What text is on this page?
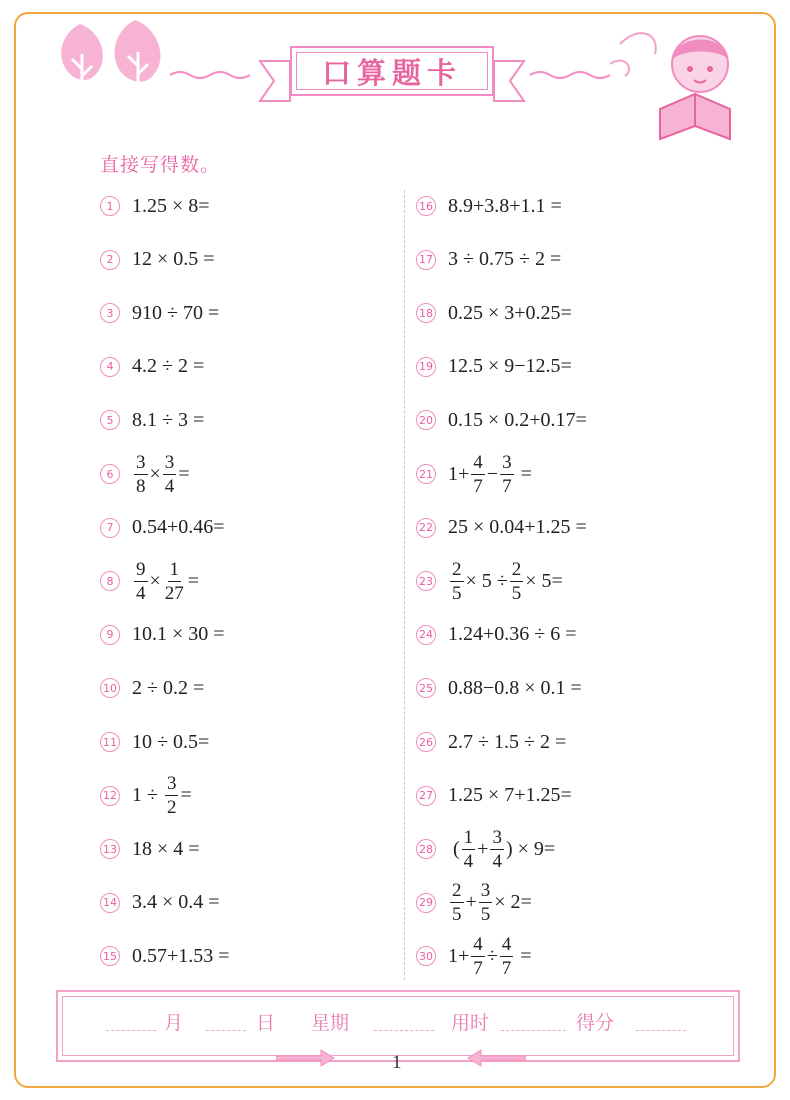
口算题卡
直接写得数。
1 1.25 × 8=
2 12 × 0.5 =
3 910 ÷ 70 =
4 4.2 ÷ 2 =
5 8.1 ÷ 3 =
6	$\frac{3}{8} \times \frac{3}{4}$ =
7 0.54+0.46=
8	$\frac{9}{4} \times \frac{1}{27}$ =
9 10.1 × 30 =
10 2 ÷ 0.2 =
11 10 ÷ 0.5=
12 $1 \div \frac{3}{2}$ =
13 18 × 4 =
14 3.4 × 0.4 =
15 0.57+1.53 =
16 8.9+3.8+1.1 =
17 3 ÷ 0.75 ÷ 2 =
18 0.25 × 3+0.25=
19 12.5 × 9−12.5=
20 0.15 × 0.2+0.17=
21 $1+ \frac{4}{7} - \frac{3}{7}$ =
22 25 × 0.04+1.25 =
$23 \frac{2}{5} \times 5 \div \frac{2}{5} \times 5=$
24 1.24+0.36 ÷ 6 =
25 0.88−0.8 × 0.1 =
26 2.7 ÷ 1.5 ÷ 2 =
27 1.25 × 7+1.25=
28 ( $\frac{1}{4} + \frac{3}{4}$ ) × 9=
$29 \frac{2}{5} + \frac{3}{5} \times 2=$
30 $1+ \frac{4}{7} \div \frac{4}{7}$ =
月	日 星期	用时	得分
1
